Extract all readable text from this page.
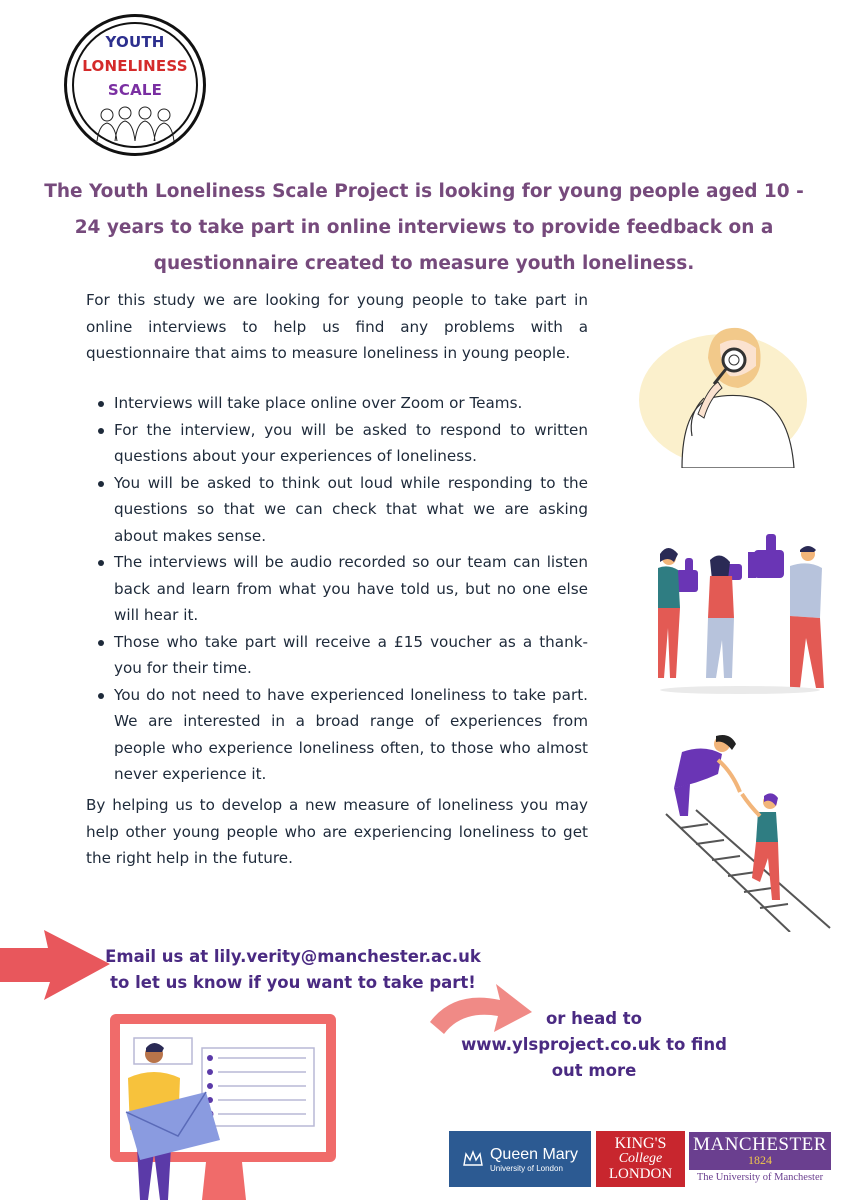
YOUTH
LONELINESS
SCALE
The Youth Loneliness Scale Project is looking for young people aged 10 - 24 years to take part in online interviews to provide feedback on a questionnaire created to measure youth loneliness.
For this study we are looking for young people to take part in online interviews to help us find any problems with a questionnaire that aims to measure loneliness in young people.
Interviews will take place online over Zoom or Teams.
For the interview, you will be asked to respond to written questions about your experiences of loneliness.
You will be asked to think out loud while responding to the questions so that we can check that what we are asking about makes sense.
The interviews will be audio recorded so our team can listen back and learn from what you have told us, but no one else will hear it.
Those who take part will receive a £15 voucher as a thank-you for their time.
You do not need to have experienced loneliness to take part. We are interested in a broad range of experiences from people who experience loneliness often, to those who almost never experience it.
By helping us to develop a new measure of loneliness you may help other young people who are experiencing loneliness to get the right help in the future.
Email us at lily.verity@manchester.ac.uk
to let us know if you want to take part!
or head to
www.ylsproject.co.uk to find
out more
Queen Mary
University of London
KING'S
College
LONDON
MANCHESTER
1824
The University of Manchester
